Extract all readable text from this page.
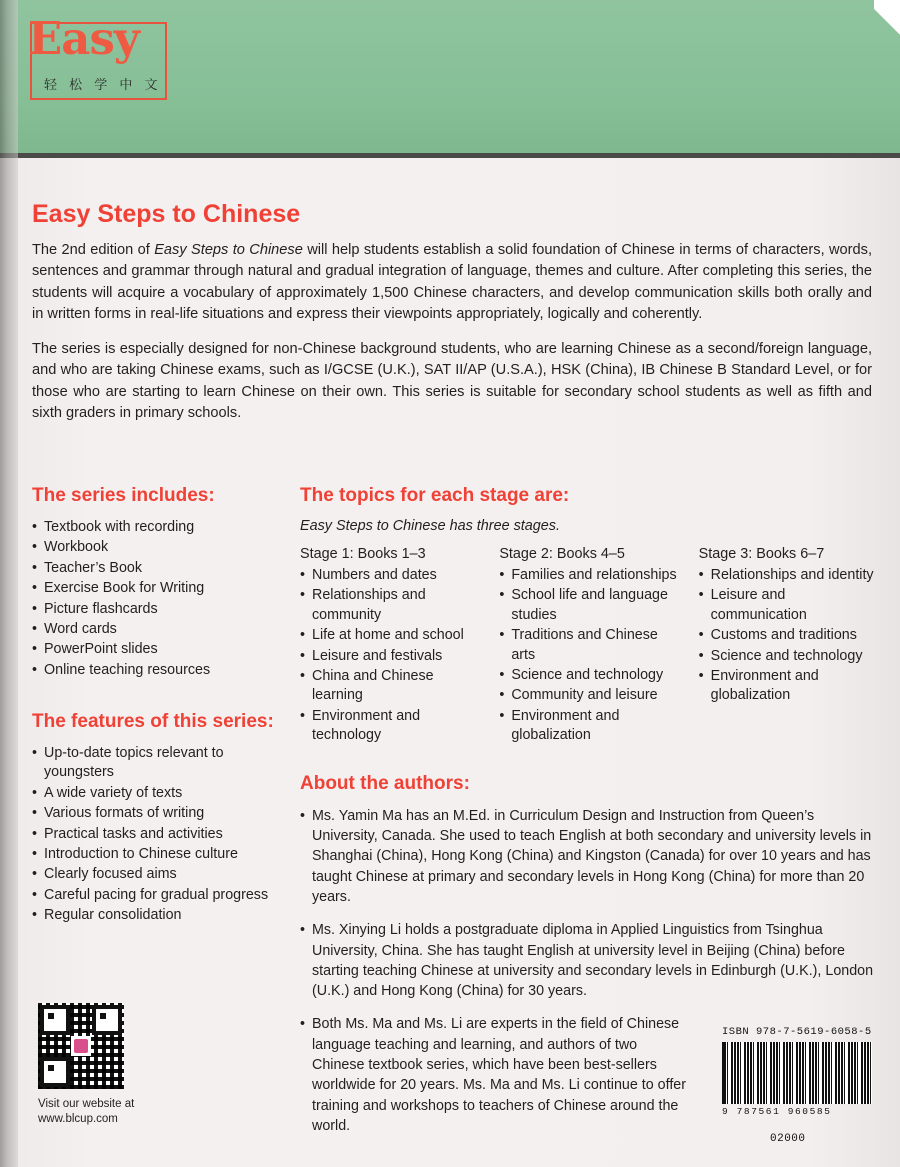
Easy
轻 松 学 中 文
Easy Steps to Chinese

The 2nd edition of Easy Steps to Chinese will help students establish a solid foundation of Chinese in terms of characters, words, sentences and grammar through natural and gradual integration of language, themes and culture. After completing this series, the students will acquire a vocabulary of approximately 1,500 Chinese characters, and develop communication skills both orally and in written forms in real-life situations and express their viewpoints appropriately, logically and coherently.

The series is especially designed for non-Chinese background students, who are learning Chinese as a second/foreign language, and who are taking Chinese exams, such as I/GCSE (U.K.), SAT II/AP (U.S.A.), HSK (China), IB Chinese B Standard Level, or for those who are starting to learn Chinese on their own. This series is suitable for secondary school students as well as fifth and sixth graders in primary schools.

The series includes:
• Textbook with recording
• Workbook
• Teacher’s Book
• Exercise Book for Writing
• Picture flashcards
• Word cards
• PowerPoint slides
• Online teaching resources
The features of this series:
• Up-to-date topics relevant to youngsters
• A wide variety of texts
• Various formats of writing
• Practical tasks and activities
• Introduction to Chinese culture
• Clearly focused aims
• Careful pacing for gradual progress
• Regular consolidation
The topics for each stage are:
Easy Steps to Chinese has three stages.
Stage 1: Books 1–3
• Numbers and dates
• Relationships and community
• Life at home and school
• Leisure and festivals
• China and Chinese learning
• Environment and technology
Stage 2: Books 4–5
• Families and relationships
• School life and language studies
• Traditions and Chinese arts
• Science and technology
• Community and leisure
• Environment and globalization
Stage 3: Books 6–7
• Relationships and identity
• Leisure and communication
• Customs and traditions
• Science and technology
• Environment and globalization
About the authors:
• Ms. Yamin Ma has an M.Ed. in Curriculum Design and Instruction from Queen’s University, Canada. She used to teach English at both secondary and university levels in Shanghai (China), Hong Kong (China) and Kingston (Canada) for over 10 years and has taught Chinese at primary and secondary levels in Hong Kong (China) for more than 20 years.
• Ms. Xinying Li holds a postgraduate diploma in Applied Linguistics from Tsinghua University, China. She has taught English at university level in Beijing (China) before starting teaching Chinese at university and secondary levels in Edinburgh (U.K.), London (U.K.) and Hong Kong (China) for 30 years.
• Both Ms. Ma and Ms. Li are experts in the field of Chinese language teaching and learning, and authors of two Chinese textbook series, which have been best-sellers worldwide for 20 years. Ms. Ma and Ms. Li continue to offer training and workshops to teachers of Chinese around the world.
Visit our website at
www.blcup.com
ISBN 978-7-5619-6058-5
9 787561 960585
02000
